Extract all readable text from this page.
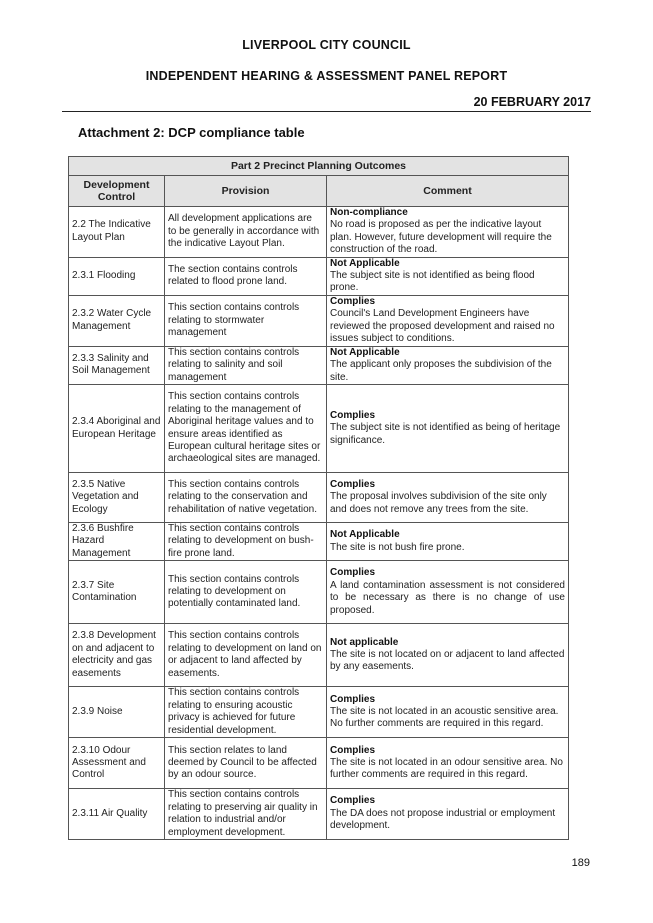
LIVERPOOL CITY COUNCIL
INDEPENDENT HEARING & ASSESSMENT PANEL REPORT
20 FEBRUARY 2017
Attachment 2: DCP compliance table
Part 2 Precinct Planning Outcomes		
Development Control	Provision	Comment
2.2 The Indicative Layout Plan	All development applications are to be generally in accordance with the indicative Layout Plan.	Non-compliance
No road is proposed as per the indicative layout plan. However, future development will require the construction of the road.

2.3.1 Flooding	The section contains controls related to flood prone land.	Not Applicable
The subject site is not identified as being flood prone.

2.3.2 Water Cycle Management	This section contains controls relating to stormwater management	Complies
Council's Land Development Engineers have reviewed the proposed development and raised no issues subject to conditions.

2.3.3 Salinity and Soil Management	This section contains controls relating to salinity and soil management	Not Applicable
The applicant only proposes the subdivision of the site.

2.3.4 Aboriginal and European Heritage	This section contains controls relating to the management of Aboriginal heritage values and to ensure areas identified as European cultural heritage sites or archaeological sites are managed.	Complies
The subject site is not identified as being of heritage significance.

2.3.5 Native Vegetation and Ecology	This section contains controls relating to the conservation and rehabilitation of native vegetation.	Complies
The proposal involves subdivision of the site only and does not remove any trees from the site.

2.3.6 Bushfire Hazard Management	This section contains controls relating to development on bush-fire prone land.	Not Applicable
The site is not bush fire prone.

2.3.7 Site Contamination	This section contains controls relating to development on potentially contaminated land.	Complies
A land contamination assessment is not considered to be necessary as there is no change of use proposed.

2.3.8 Development on and adjacent to electricity and gas easements	This section contains controls relating to development on land on or adjacent to land affected by easements.	Not applicable
The site is not located on or adjacent to land affected by any easements.

2.3.9 Noise	This section contains controls relating to ensuring acoustic privacy is achieved for future residential development.	Complies
The site is not located in an acoustic sensitive area. No further comments are required in this regard.

2.3.10 Odour Assessment and Control	This section relates to land deemed by Council to be affected by an odour source.	Complies
The site is not located in an odour sensitive area. No further comments are required in this regard.

2.3.11 Air Quality	This section contains controls relating to preserving air quality in relation to industrial and/or employment development.	Complies
The DA does not propose industrial or employment development.
189
